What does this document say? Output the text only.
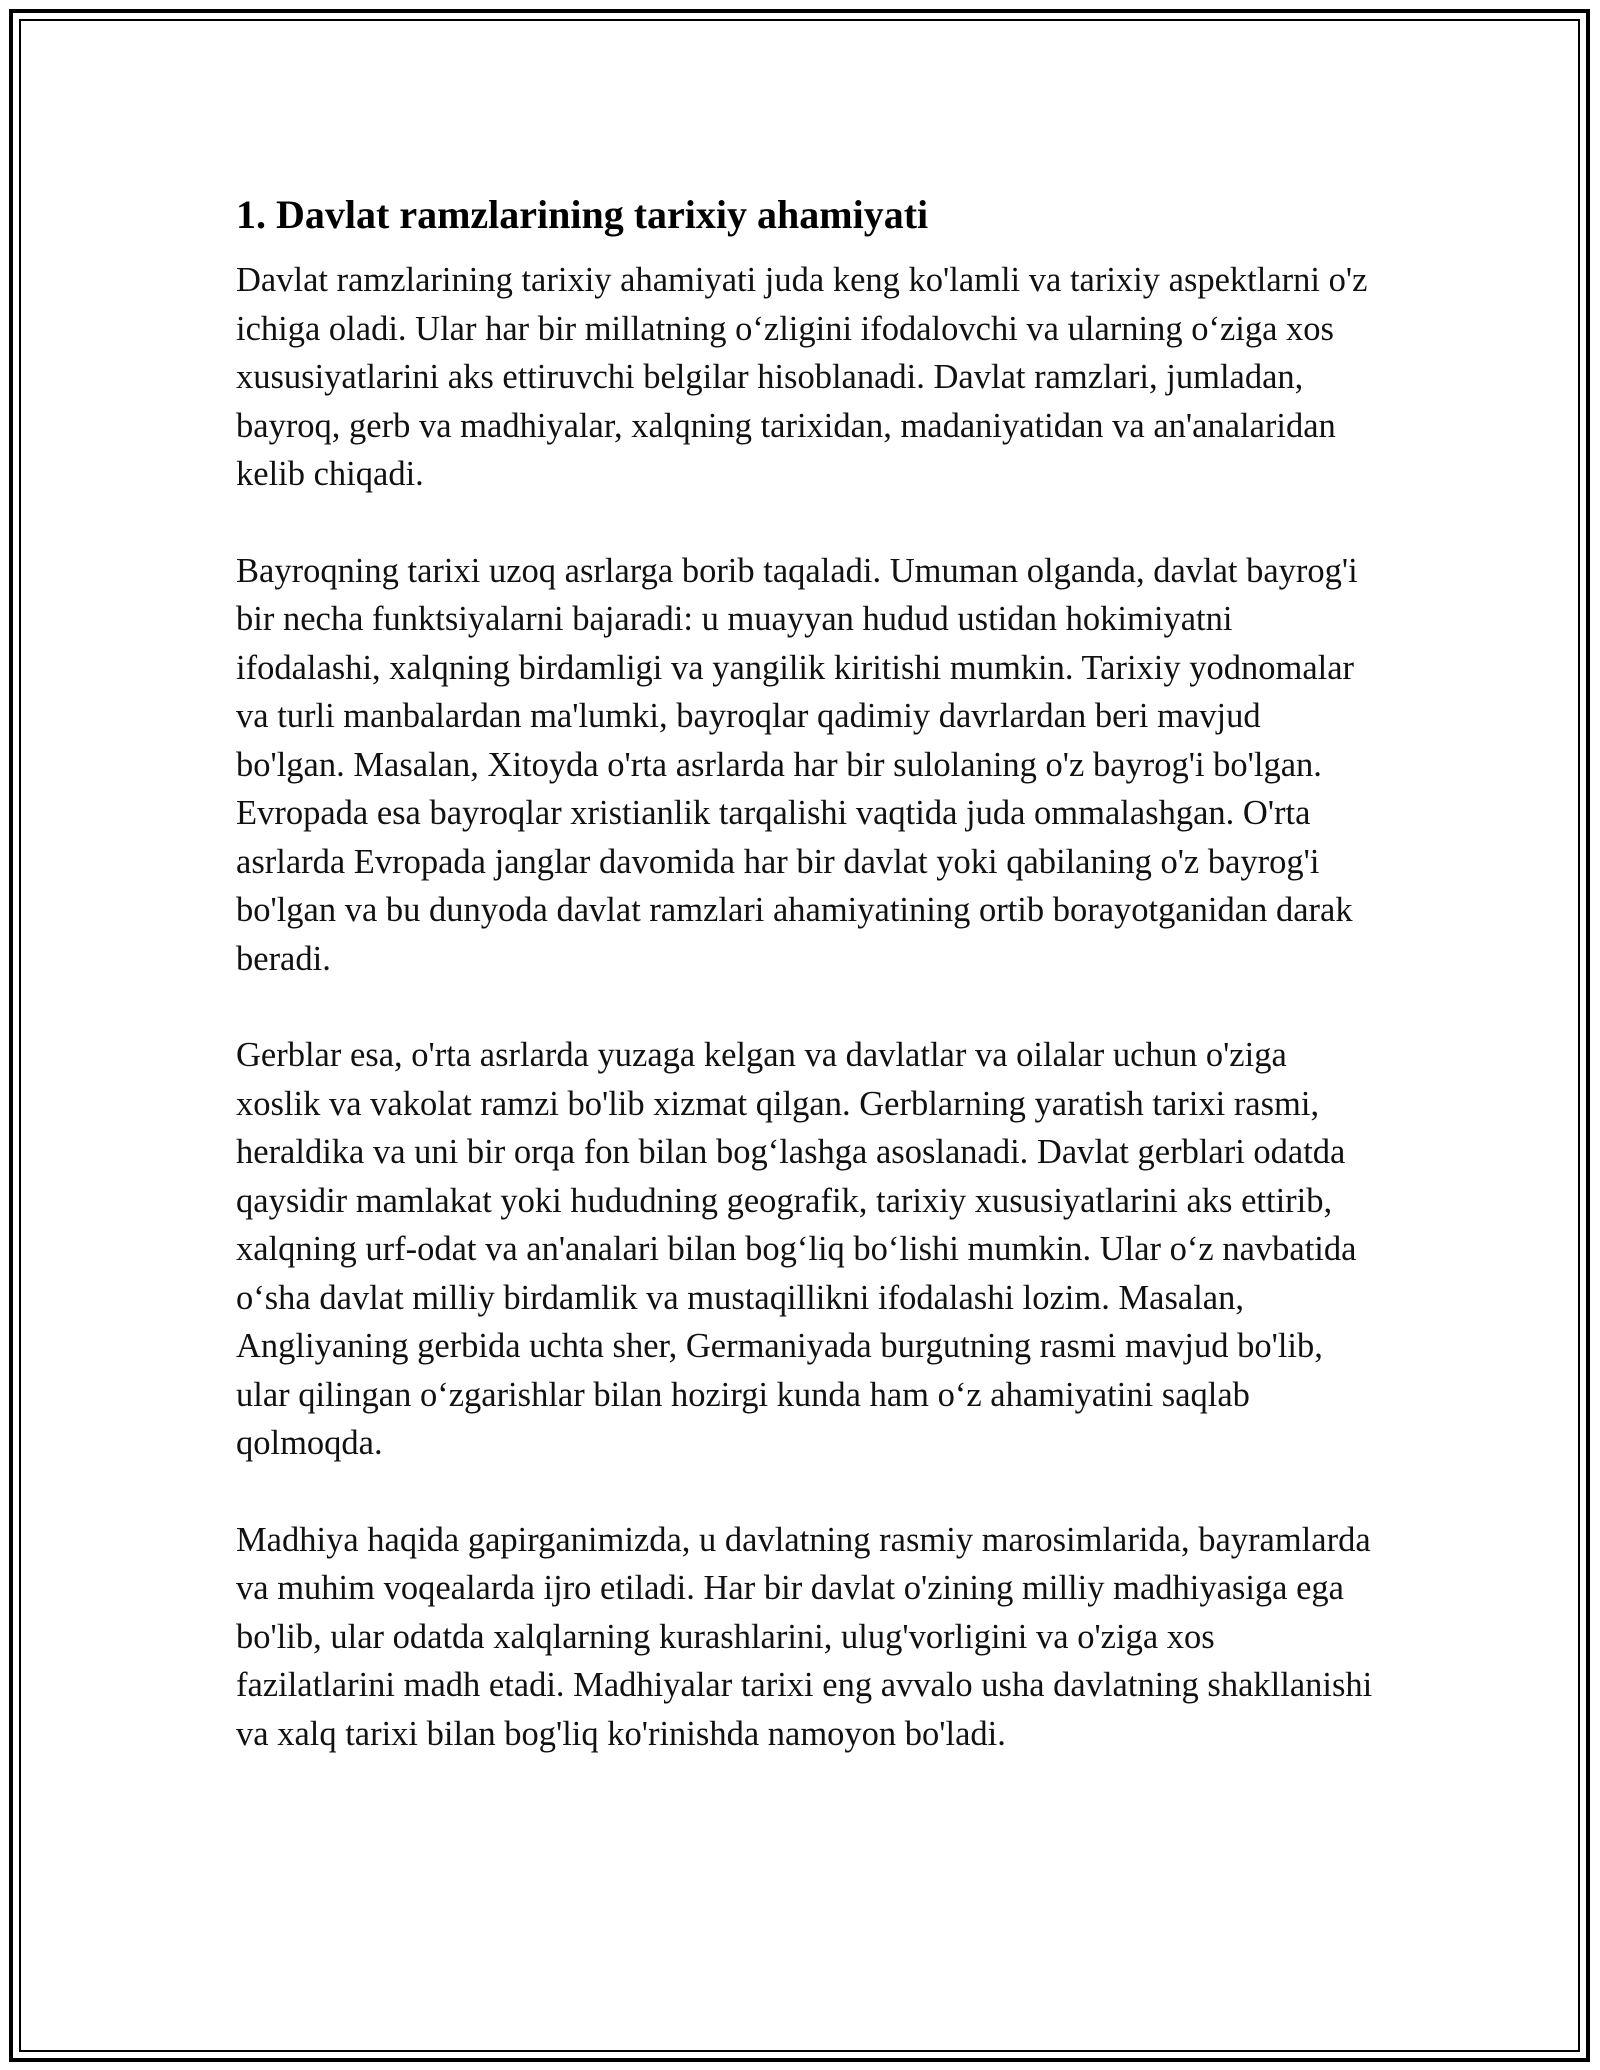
1. Davlat ramzlarining tarixiy ahamiyati

Davlat ramzlarining tarixiy ahamiyati juda keng ko'lamli va tarixiy aspektlarni o'z ichiga oladi. Ular har bir millatning o‘zligini ifodalovchi va ularning o‘ziga xos xususiyatlarini aks ettiruvchi belgilar hisoblanadi. Davlat ramzlari, jumladan, bayroq, gerb va madhiyalar, xalqning tarixidan, madaniyatidan va an'analaridan kelib chiqadi.

Bayroqning tarixi uzoq asrlarga borib taqaladi. Umuman olganda, davlat bayrog'i bir necha funktsiyalarni bajaradi: u muayyan hudud ustidan hokimiyatni ifodalashi, xalqning birdamligi va yangilik kiritishi mumkin. Tarixiy yodnomalar va turli manbalardan ma'lumki, bayroqlar qadimiy davrlardan beri mavjud bo'lgan. Masalan, Xitoyda o'rta asrlarda har bir sulolaning o'z bayrog'i bo'lgan. Evropada esa bayroqlar xristianlik tarqalishi vaqtida juda ommalashgan. O'rta asrlarda Evropada janglar davomida har bir davlat yoki qabilaning o'z bayrog'i bo'lgan va bu dunyoda davlat ramzlari ahamiyatining ortib borayotganidan darak beradi.

Gerblar esa, o'rta asrlarda yuzaga kelgan va davlatlar va oilalar uchun o'ziga xoslik va vakolat ramzi bo'lib xizmat qilgan. Gerblarning yaratish tarixi rasmi, heraldika va uni bir orqa fon bilan bog‘lashga asoslanadi. Davlat gerblari odatda qaysidir mamlakat yoki hududning geografik, tarixiy xususiyatlarini aks ettirib, xalqning urf-odat va an'analari bilan bog‘liq bo‘lishi mumkin. Ular o‘z navbatida o‘sha davlat milliy birdamlik va mustaqillikni ifodalashi lozim. Masalan, Angliyaning gerbida uchta sher, Germaniyada burgutning rasmi mavjud bo'lib, ular qilingan o‘zgarishlar bilan hozirgi kunda ham o‘z ahamiyatini saqlab qolmoqda.

Madhiya haqida gapirganimizda, u davlatning rasmiy marosimlarida, bayramlarda va muhim voqealarda ijro etiladi. Har bir davlat o'zining milliy madhiyasiga ega bo'lib, ular odatda xalqlarning kurashlarini, ulug'vorligini va o'ziga xos fazilatlarini madh etadi. Madhiyalar tarixi eng avvalo usha davlatning shakllanishi va xalq tarixi bilan bog'liq ko'rinishda namoyon bo'ladi.
